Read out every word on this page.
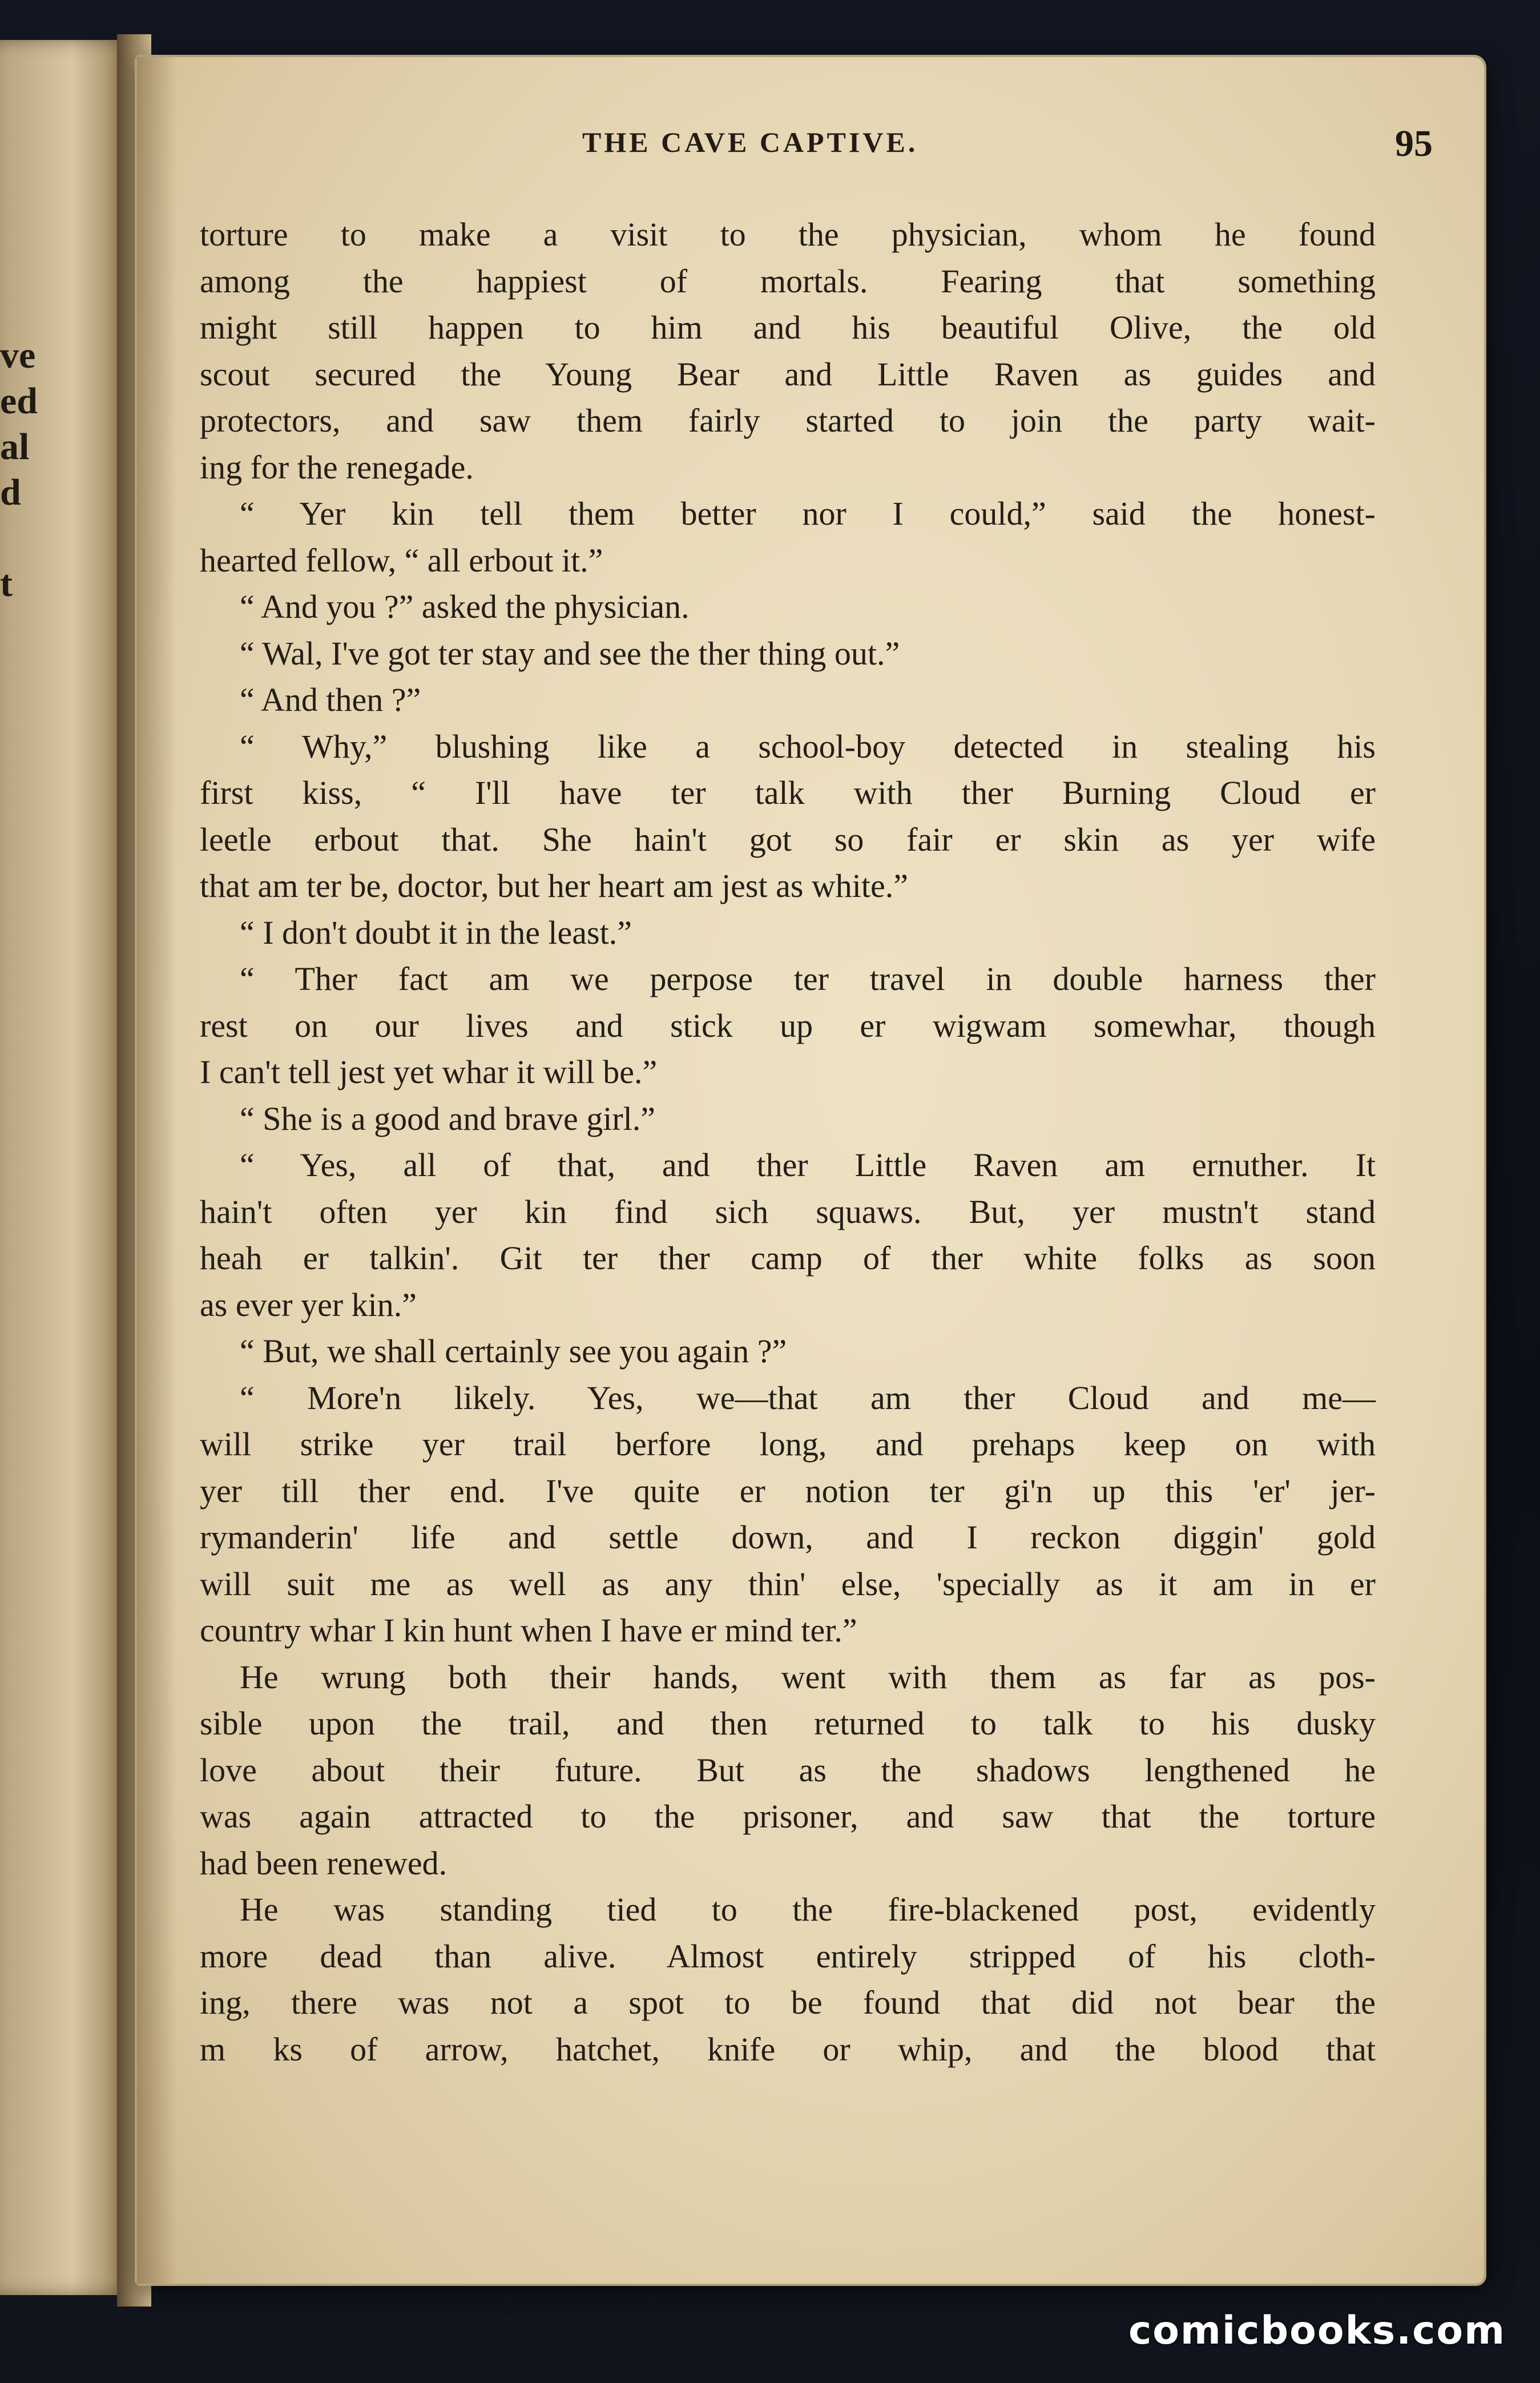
ve
ed
al
d
t
THE CAVE CAPTIVE.	95
torture to make a visit to the physician, whom he found
among the happiest of mortals. Fearing that something
might still happen to him and his beautiful Olive, the old
scout secured the Young Bear and Little Raven as guides and
protectors, and saw them fairly started to join the party wait-
ing for the renegade.
“ Yer kin tell them better nor I could,” said the honest-
hearted fellow, “ all erbout it.”
“ And you ?” asked the physician.
“ Wal, I've got ter stay and see the ther thing out.”
“ And then ?”
“ Why,” blushing like a school-boy detected in stealing his
first kiss, “ I'll have ter talk with ther Burning Cloud er
leetle erbout that. She hain't got so fair er skin as yer wife
that am ter be, doctor, but her heart am jest as white.”
“ I don't doubt it in the least.”
“ Ther fact am we perpose ter travel in double harness ther
rest on our lives and stick up er wigwam somewhar, though
I can't tell jest yet whar it will be.”
“ She is a good and brave girl.”
“ Yes, all of that, and ther Little Raven am ernuther. It
hain't often yer kin find sich squaws. But, yer mustn't stand
heah er talkin'. Git ter ther camp of ther white folks as soon
as ever yer kin.”
“ But, we shall certainly see you again ?”
“ More'n likely. Yes, we—that am ther Cloud and me—
will strike yer trail berfore long, and prehaps keep on with
yer till ther end. I've quite er notion ter gi'n up this 'er' jer-
rymanderin' life and settle down, and I reckon diggin' gold
will suit me as well as any thin' else, 'specially as it am in er
country whar I kin hunt when I have er mind ter.”
He wrung both their hands, went with them as far as pos-
sible upon the trail, and then returned to talk to his dusky
love about their future. But as the shadows lengthened he
was again attracted to the prisoner, and saw that the torture
had been renewed.
He was standing tied to the fire-blackened post, evidently
more dead than alive. Almost entirely stripped of his cloth-
ing, there was not a spot to be found that did not bear the
m ks of arrow, hatchet, knife or whip, and the blood that
comicbooks.com
